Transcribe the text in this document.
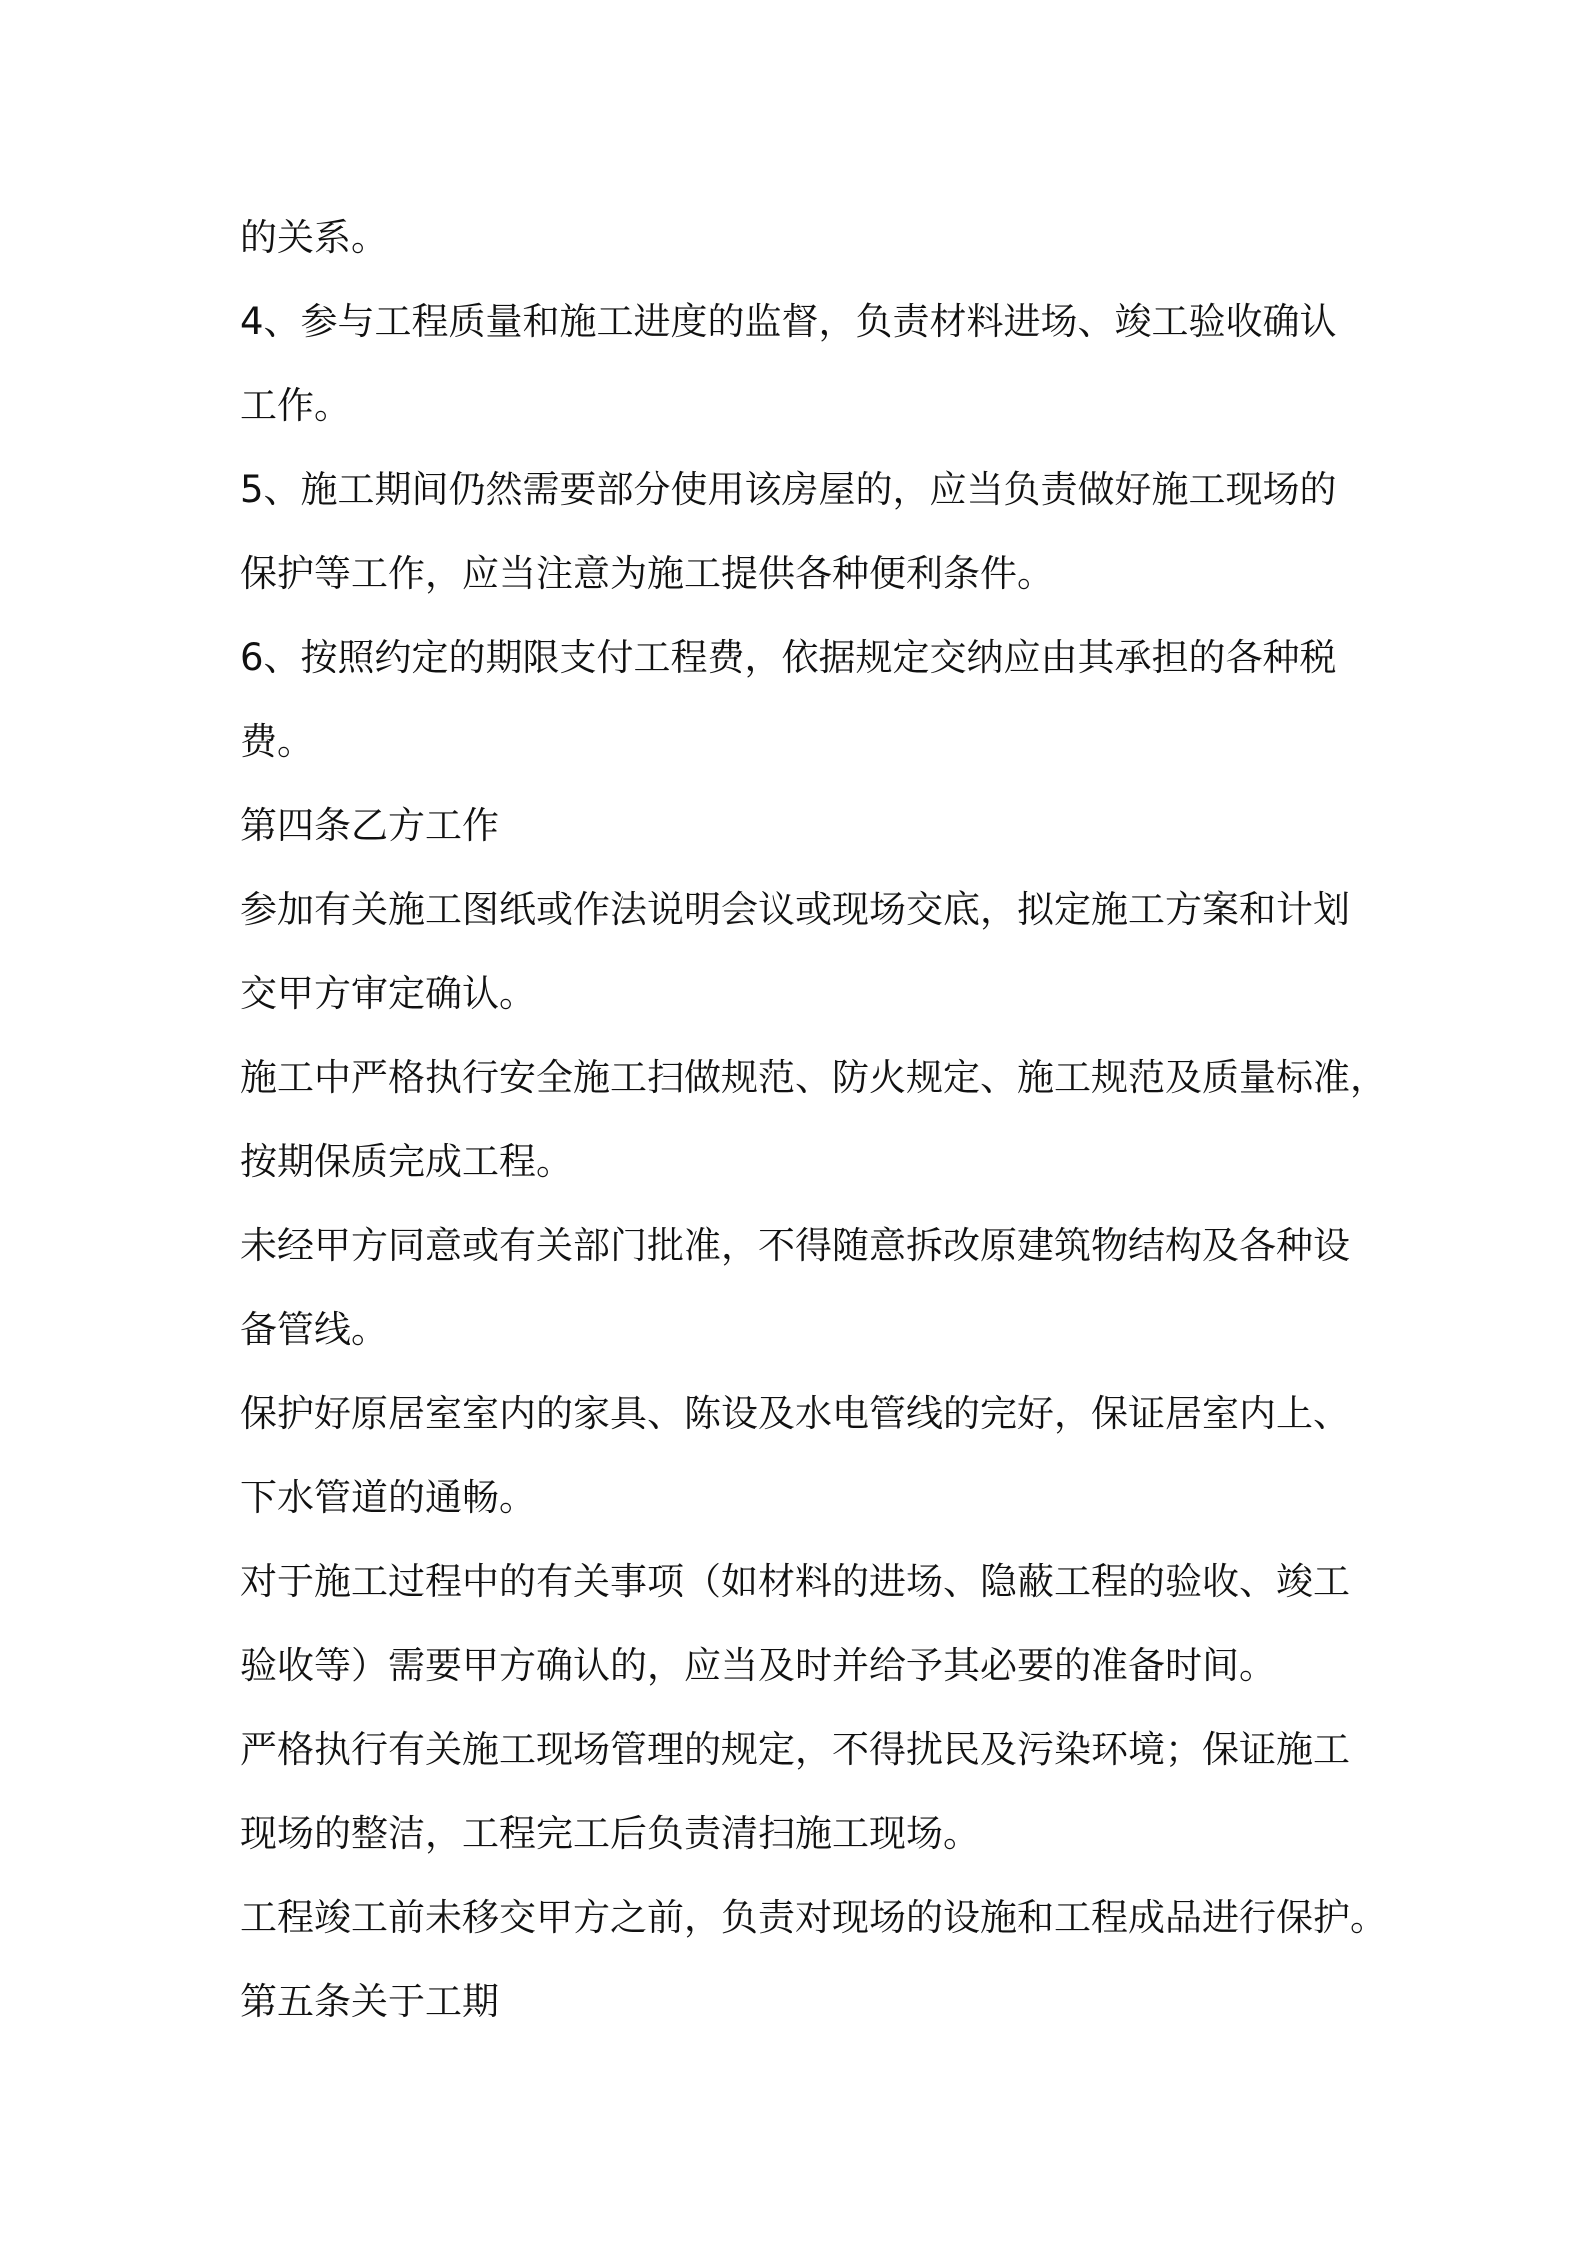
的关系。
4、参与工程质量和施工进度的监督，负责材料进场、竣工验收确认
工作。
5、施工期间仍然需要部分使用该房屋的，应当负责做好施工现场的
保护等工作，应当注意为施工提供各种便利条件。
6、按照约定的期限支付工程费，依据规定交纳应由其承担的各种税
费。
第四条乙方工作
参加有关施工图纸或作法说明会议或现场交底，拟定施工方案和计划
交甲方审定确认。
施工中严格执行安全施工扫做规范、防火规定、施工规范及质量标准，
按期保质完成工程。
未经甲方同意或有关部门批准，不得随意拆改原建筑物结构及各种设
备管线。
保护好原居室室内的家具、陈设及水电管线的完好，保证居室内上、
下水管道的通畅。
对于施工过程中的有关事项（如材料的进场、隐蔽工程的验收、竣工
验收等）需要甲方确认的，应当及时并给予其必要的准备时间。
严格执行有关施工现场管理的规定，不得扰民及污染环境；保证施工
现场的整洁，工程完工后负责清扫施工现场。
工程竣工前未移交甲方之前，负责对现场的设施和工程成品进行保护。
第五条关于工期
